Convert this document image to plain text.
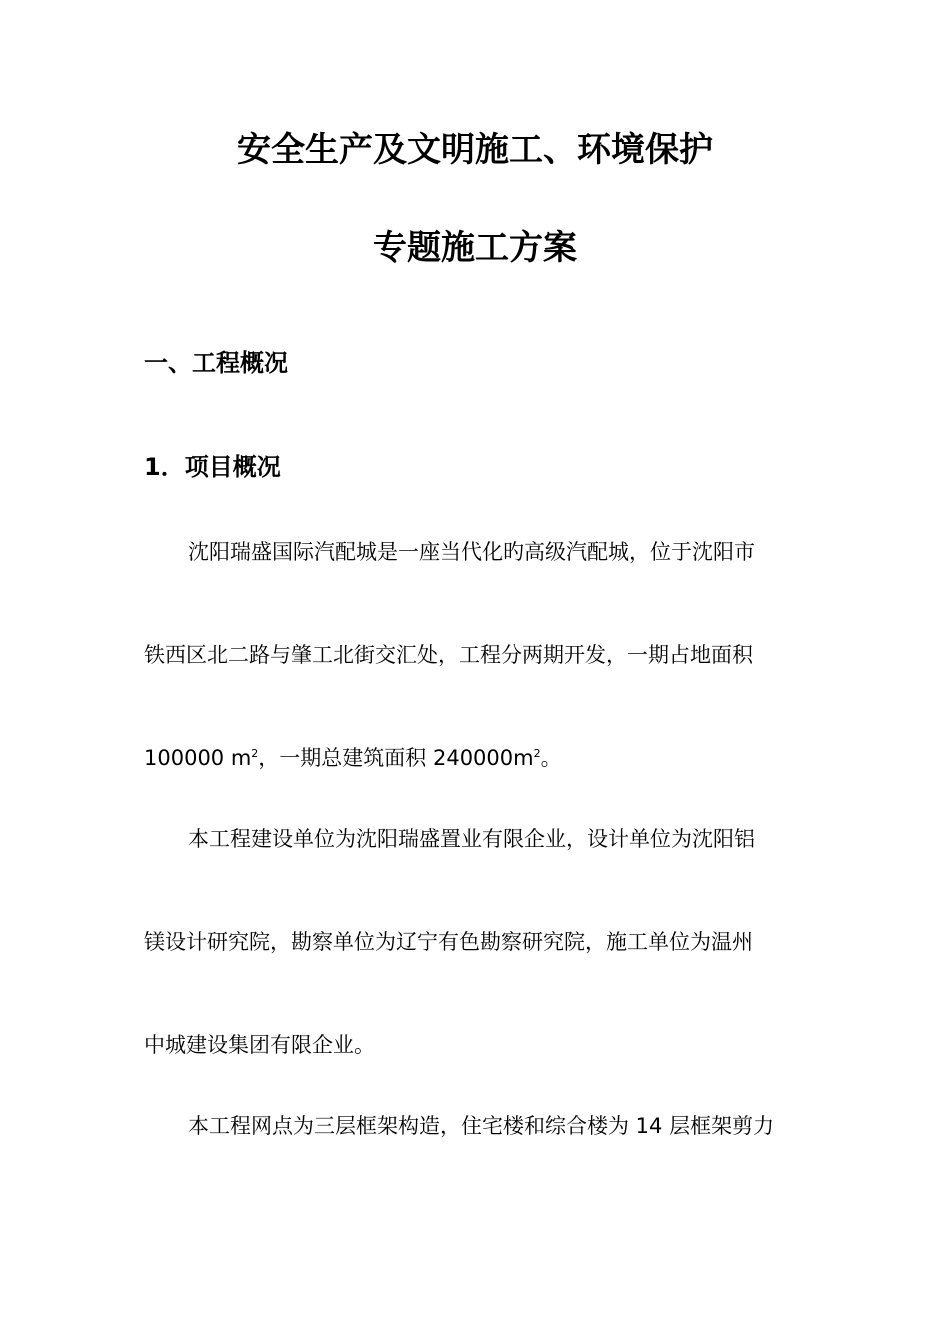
安全生产及文明施工、环境保护
专题施工方案
一、工程概况
1．项目概况
沈阳瑞盛国际汽配城是一座当代化旳高级汽配城，位于沈阳市
铁西区北二路与肇工北街交汇处，工程分两期开发，一期占地面积
100000 $m^2$，一期总建筑面积 $240000m^2$。
本工程建设单位为沈阳瑞盛置业有限企业，设计单位为沈阳铝
镁设计研究院，勘察单位为辽宁有色勘察研究院，施工单位为温州
中城建设集团有限企业。
本工程网点为三层框架构造，住宅楼和综合楼为 14 层框架剪力
